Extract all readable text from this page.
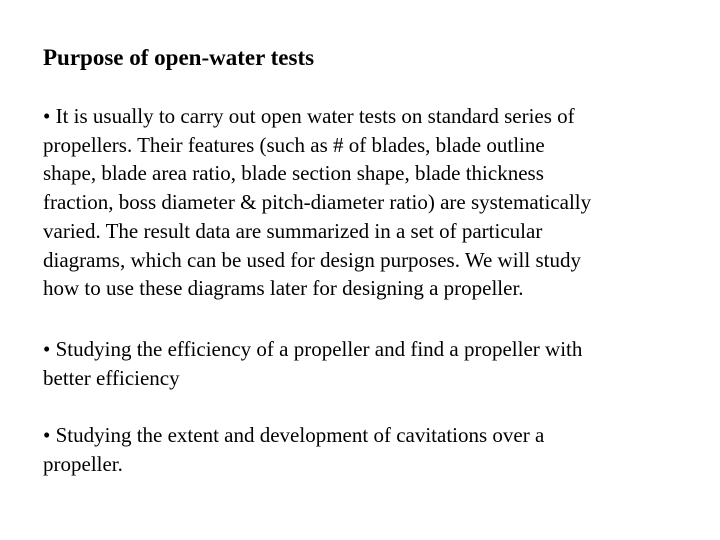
Purpose of open-water tests
• It is usually to carry out open water tests on standard series of
propellers. Their features (such as # of blades, blade outline
shape, blade area ratio, blade section shape, blade thickness
fraction, boss diameter & pitch-diameter ratio) are systematically
varied. The result data are summarized in a set of particular
diagrams, which can be used for design purposes. We will study
how to use these diagrams later for designing a propeller.
• Studying the efficiency of a propeller and find a propeller with
better efficiency
• Studying the extent and development of cavitations over a
propeller.
